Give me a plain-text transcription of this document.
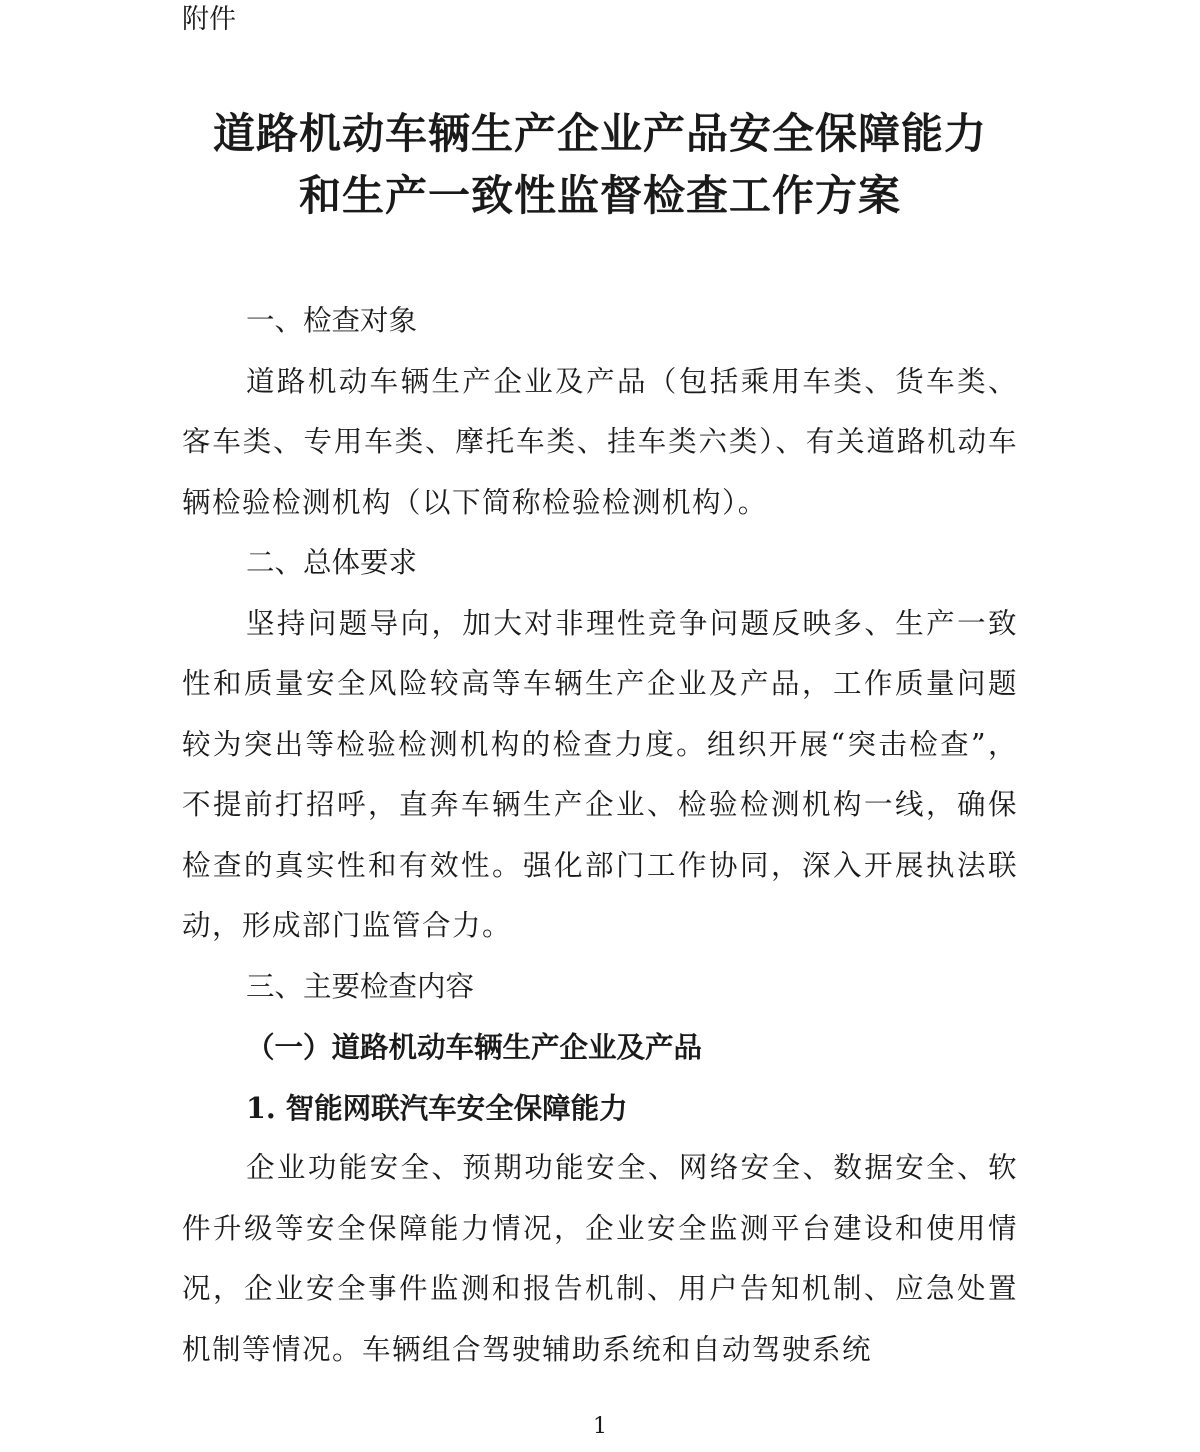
附件
道路机动车辆生产企业产品安全保障能力
和生产一致性监督检查工作方案
一、检查对象

道路机动车辆生产企业及产品（包括乘用车类、货车类、客车类、专用车类、摩托车类、挂车类六类）、有关道路机动车辆检验检测机构（以下简称检验检测机构）。

二、总体要求

坚持问题导向，加大对非理性竞争问题反映多、生产一致性和质量安全风险较高等车辆生产企业及产品，工作质量问题较为突出等检验检测机构的检查力度。组织开展“突击检查”，不提前打招呼，直奔车辆生产企业、检验检测机构一线，确保检查的真实性和有效性。强化部门工作协同，深入开展执法联动，形成部门监管合力。

三、主要检查内容
（一）道路机动车辆生产企业及产品
1. 智能网联汽车安全保障能力

企业功能安全、预期功能安全、网络安全、数据安全、软件升级等安全保障能力情况，企业安全监测平台建设和使用情况，企业安全事件监测和报告机制、用户告知机制、应急处置机制等情况。车辆组合驾驶辅助系统和自动驾驶系统

1
